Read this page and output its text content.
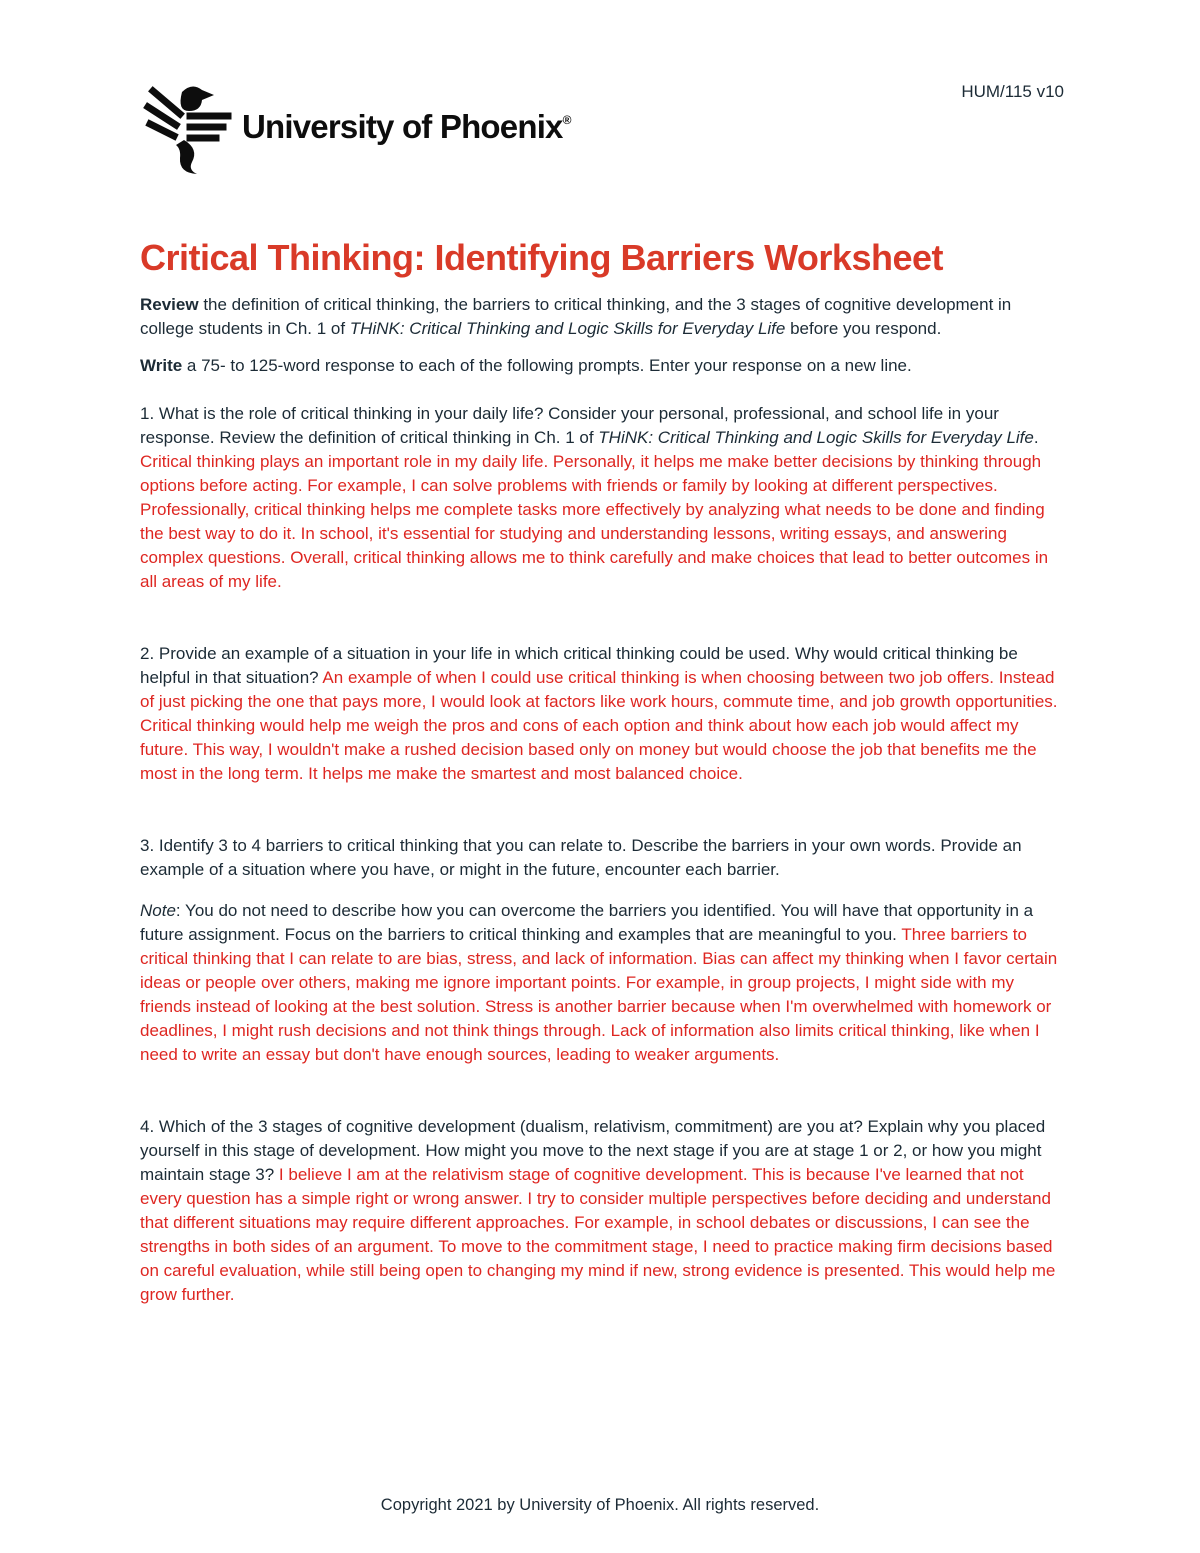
University of Phoenix®
HUM/115 v10
Critical Thinking: Identifying Barriers Worksheet

Review the definition of critical thinking, the barriers to critical thinking, and the 3 stages of cognitive development in college students in Ch. 1 of THiNK: Critical Thinking and Logic Skills for Everyday Life before you respond.

Write a 75- to 125-word response to each of the following prompts. Enter your response on a new line.

1. What is the role of critical thinking in your daily life? Consider your personal, professional, and school life in your response. Review the definition of critical thinking in Ch. 1 of THiNK: Critical Thinking and Logic Skills for Everyday Life. Critical thinking plays an important role in my daily life. Personally, it helps me make better decisions by thinking through options before acting. For example, I can solve problems with friends or family by looking at different perspectives. Professionally, critical thinking helps me complete tasks more effectively by analyzing what needs to be done and finding the best way to do it. In school, it's essential for studying and understanding lessons, writing essays, and answering complex questions. Overall, critical thinking allows me to think carefully and make choices that lead to better outcomes in all areas of my life.

2. Provide an example of a situation in your life in which critical thinking could be used. Why would critical thinking be helpful in that situation? An example of when I could use critical thinking is when choosing between two job offers. Instead of just picking the one that pays more, I would look at factors like work hours, commute time, and job growth opportunities. Critical thinking would help me weigh the pros and cons of each option and think about how each job would affect my future. This way, I wouldn't make a rushed decision based only on money but would choose the job that benefits me the most in the long term. It helps me make the smartest and most balanced choice.

3. Identify 3 to 4 barriers to critical thinking that you can relate to. Describe the barriers in your own words. Provide an example of a situation where you have, or might in the future, encounter each barrier.

Note: You do not need to describe how you can overcome the barriers you identified. You will have that opportunity in a future assignment. Focus on the barriers to critical thinking and examples that are meaningful to you. Three barriers to critical thinking that I can relate to are bias, stress, and lack of information. Bias can affect my thinking when I favor certain ideas or people over others, making me ignore important points. For example, in group projects, I might side with my friends instead of looking at the best solution. Stress is another barrier because when I'm overwhelmed with homework or deadlines, I might rush decisions and not think things through. Lack of information also limits critical thinking, like when I need to write an essay but don't have enough sources, leading to weaker arguments.

4. Which of the 3 stages of cognitive development (dualism, relativism, commitment) are you at? Explain why you placed yourself in this stage of development. How might you move to the next stage if you are at stage 1 or 2, or how you might maintain stage 3? I believe I am at the relativism stage of cognitive development. This is because I've learned that not every question has a simple right or wrong answer. I try to consider multiple perspectives before deciding and understand that different situations may require different approaches. For example, in school debates or discussions, I can see the strengths in both sides of an argument. To move to the commitment stage, I need to practice making firm decisions based on careful evaluation, while still being open to changing my mind if new, strong evidence is presented. This would help me grow further.

Copyright 2021 by University of Phoenix. All rights reserved.
